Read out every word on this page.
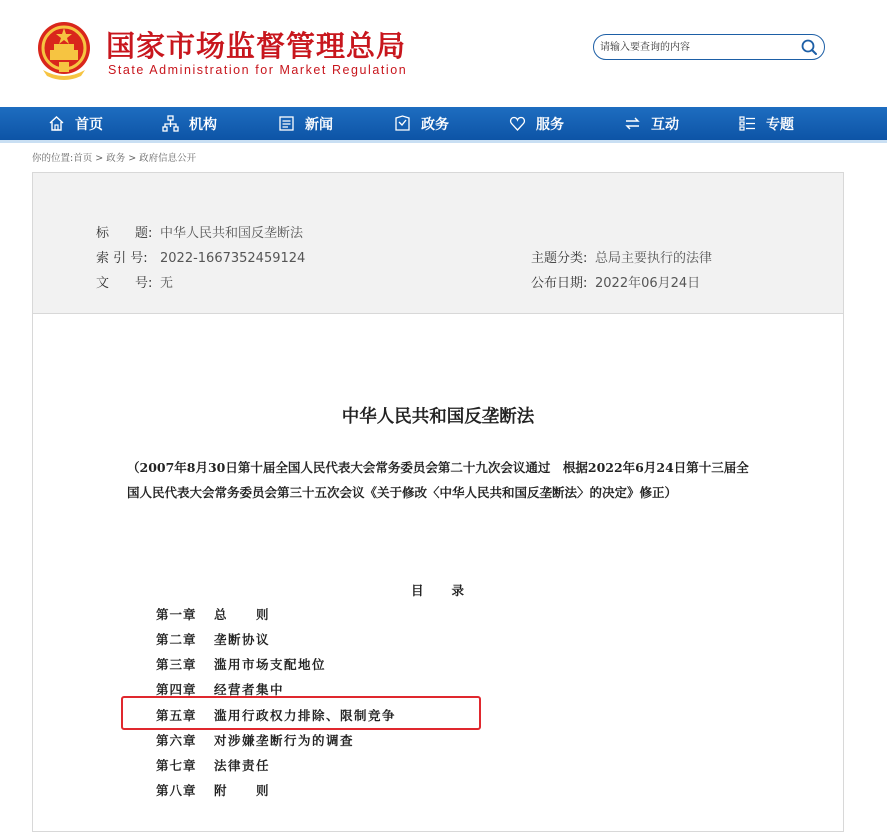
国家市场监督管理总局
State Administration for Market Regulation
请输入要查询的内容
首页	机构	新闻	政务	服务	互动	专题
你的位置:首页 > 政务 > 政府信息公开
标　　题: 中华人民共和国反垄断法
索 引 号: 2022-1667352459124
文　　号: 无
主题分类: 总局主要执行的法律
公布日期: 2022年06月24日
中华人民共和国反垄断法
（2007年8月30日第十届全国人民代表大会常务委员会第二十九次会议通过　根据2022年6月24日第十三届全国人民代表大会常务委员会第三十五次会议《关于修改〈中华人民共和国反垄断法〉的决定》修正）
目录
第一章 总　　则
第二章 垄断协议
第三章 滥用市场支配地位
第四章 经营者集中
第五章 滥用行政权力排除、限制竞争
第六章 对涉嫌垄断行为的调查
第七章 法律责任
第八章 附　　则
